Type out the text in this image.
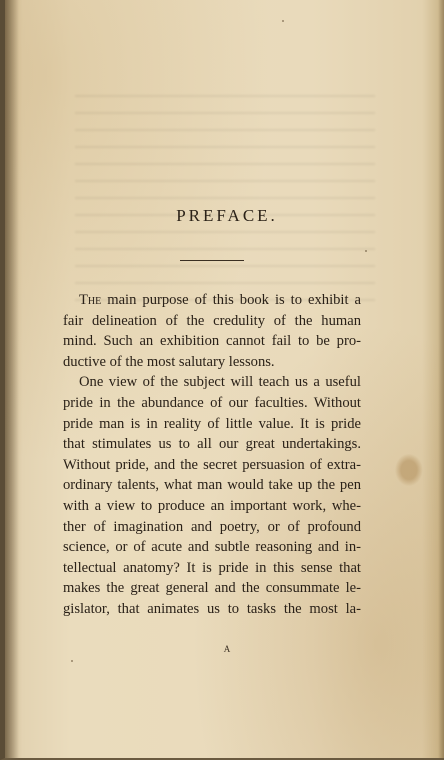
PREFACE.
The main purpose of this book is to exhibit a
fair delineation of the credulity of the human
mind. Such an exhibition cannot fail to be pro-
ductive of the most salutary lessons.
One view of the subject will teach us a useful
pride in the abundance of our faculties. Without
pride man is in reality of little value. It is pride
that stimulates us to all our great undertakings.
Without pride, and the secret persuasion of extra-
ordinary talents, what man would take up the pen
with a view to produce an important work, whe-
ther of imagination and poetry, or of profound
science, or of acute and subtle reasoning and in-
tellectual anatomy? It is pride in this sense that
makes the great general and the consummate le-
gislator, that animates us to tasks the most la-
A
